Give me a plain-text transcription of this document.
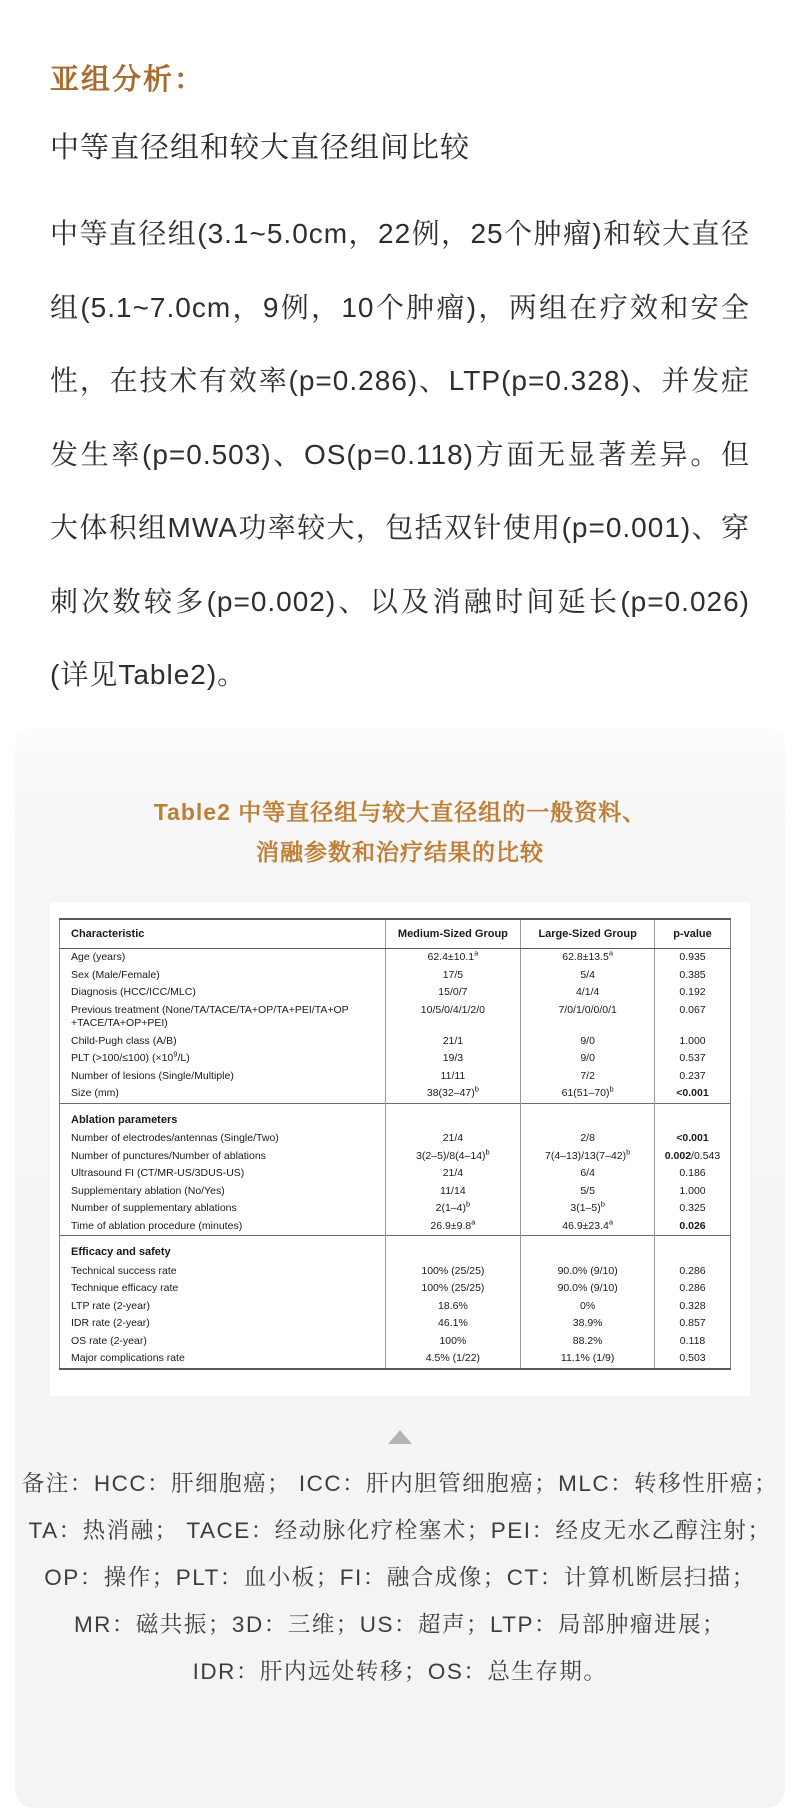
亚组分析：
中等直径组和较大直径组间比较

中等直径组(3.1~5.0cm，22例，25个肿瘤)和较大直径组(5.1~7.0cm，9例，10个肿瘤)，两组在疗效和安全性，在技术有效率(p=0.286)、LTP(p=0.328)、并发症发生率(p=0.503)、OS(p=0.118)方面无显著差异。但大体积组MWA功率较大，包括双针使用(p=0.001)、穿刺次数较多(p=0.002)、以及消融时间延长(p=0.026)(详见Table2)。

Table2 中等直径组与较大直径组的一般资料、
消融参数和治疗结果的比较
Characteristic	Medium-Sized Group	Large-Sized Group	p-value
Age (years)	62.4±10.1$^a$	62.8±13.5$^a$	0.935
Sex (Male/Female)	17/5	5/4	0.385
Diagnosis (HCC/ICC/MLC)	15/0/7	4/1/4	0.192
Previous treatment (None/TA/TACE/TA+OP/TA+PEI/TA+OP +TACE/TA+OP+PEI)	10/5/0/4/1/2/0	7/0/1/0/0/0/1	0.067
Child-Pugh class (A/B)	21/1	9/0	1.000
PLT (>100/≤100) $(\times 10^9/L)$	19/3	9/0	0.537
Number of lesions (Single/Multiple)	11/11	7/2	0.237
Size (mm)	$38(32-47)^b$	$61(51-70)^b$	<0.001
Ablation parameters			
Number of electrodes/antennas (Single/Two)	21/4	2/8	<0.001
Number of punctures/Number of ablations	$3(2-5)/8(4-14)^b$	$7(4-13)/13(7-42)^b$	0.002/0.543
Ultrasound FI (CT/MR-US/3DUS-US)	21/4	6/4	0.186
Supplementary ablation (No/Yes)	11/14	5/5	1.000
Number of supplementary ablations	$2(1-4)^b$	$3(1-5)^b$	0.325
Time of ablation procedure (minutes)	26.9±9.8$^a$	46.9±23.4$^a$	0.026
Efficacy and safety			
Technical success rate	100% (25/25)	90.0% (9/10)	0.286
Technique efficacy rate	100% (25/25)	90.0% (9/10)	0.286
LTP rate (2-year)	18.6%	0%	0.328
IDR rate (2-year)	46.1%	38.9%	0.857
OS rate (2-year)	100%	88.2%	0.118
Major complications rate	4.5% (1/22)	11.1% (1/9)	0.503
备注：HCC：肝细胞癌； ICC：肝内胆管细胞癌；MLC：转移性肝癌；
TA：热消融； TACE：经动脉化疗栓塞术；PEI：经皮无水乙醇注射；
OP：操作；PLT：血小板；FI：融合成像；CT：计算机断层扫描；
MR：磁共振；3D：三维；US：超声；LTP：局部肿瘤进展；
IDR：肝内远处转移；OS：总生存期。
